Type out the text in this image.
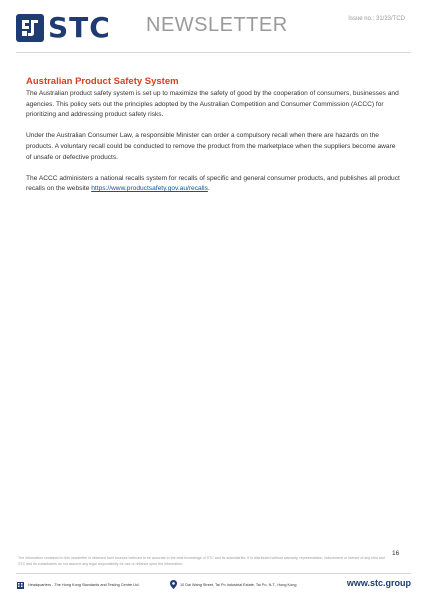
STC NEWSLETTER	Issue no.: 31/23/TCD
Australian Product Safety System

The Australian product safety system is set up to maximize the safety of good by the cooperation of consumers, businesses and agencies. This policy sets out the principles adopted by the Australian Competition and Consumer Commission (ACCC) for prioritizing and addressing product safety risks.

Under the Australian Consumer Law, a responsible Minister can order a compulsory recall when there are hazards on the products. A voluntary recall could be conducted to remove the product from the marketplace when the suppliers become aware of unsafe or defective products.

The ACCC administers a national recalls system for recalls of specific and general consumer products, and publishes all product recalls on the website https://www.productsafety.gov.au/recalls.

16
The information contained in this newsletter is obtained from sources believed to be accurate to the best knowledge of STC and its subsidiaries. It is distributed without warranty, representation, inducement or licence of any kind and STC and its subsidiaries do not assume any legal responsibility for use or reliance upon the information.
Headquarters - The Hong Kong Standards and Testing Centre Ltd.	10 Dai Wang Street, Tai Po Industrial Estate, Tai Po, N.T., Hong Kong	www.stc.group
